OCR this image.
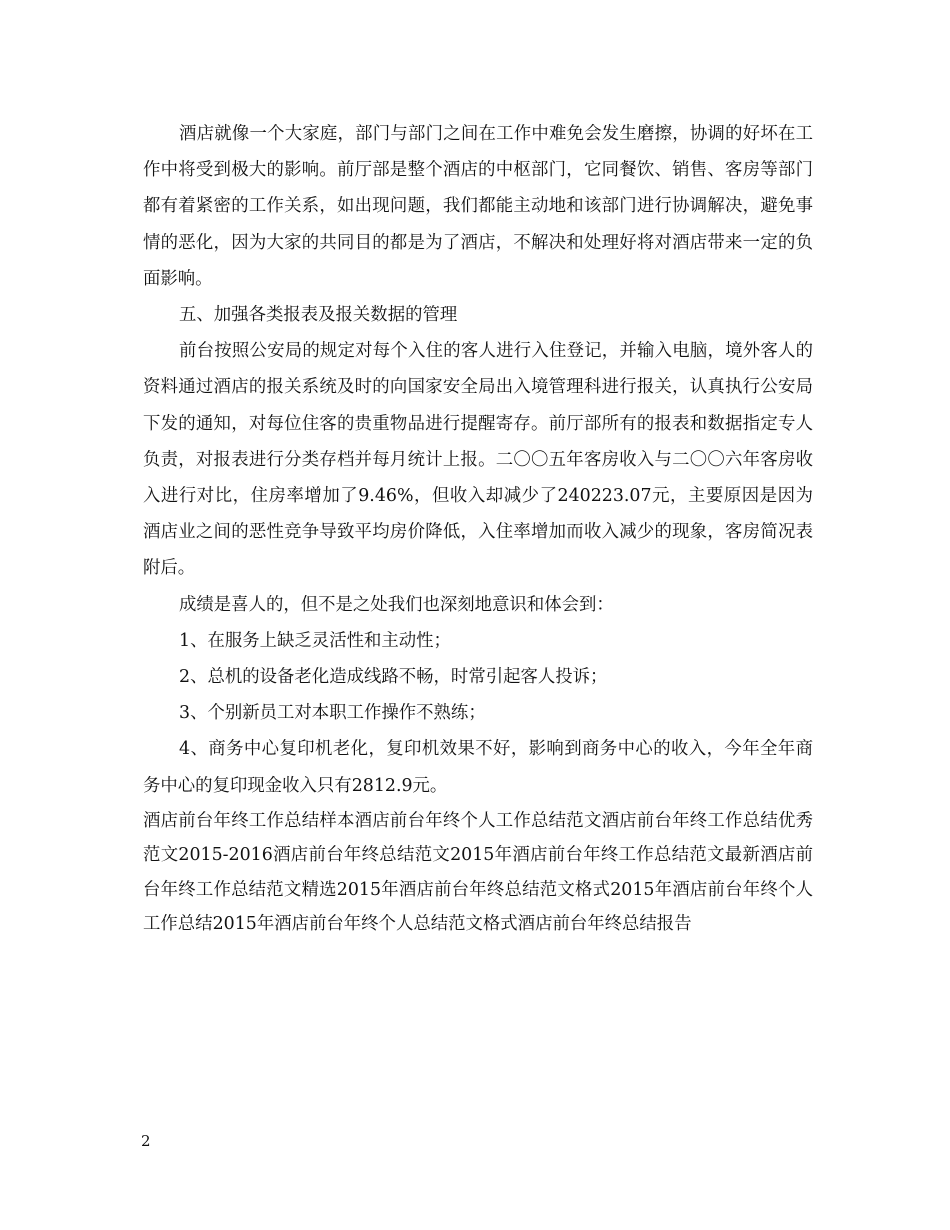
酒店就像一个大家庭，部门与部门之间在工作中难免会发生磨擦，协调的好坏在工作中将受到极大的影响。前厅部是整个酒店的中枢部门，它同餐饮、销售、客房等部门都有着紧密的工作关系，如出现问题，我们都能主动地和该部门进行协调解决，避免事情的恶化，因为大家的共同目的都是为了酒店，不解决和处理好将对酒店带来一定的负面影响。

五、加强各类报表及报关数据的管理

前台按照公安局的规定对每个入住的客人进行入住登记，并输入电脑，境外客人的资料通过酒店的报关系统及时的向国家安全局出入境管理科进行报关，认真执行公安局下发的通知，对每位住客的贵重物品进行提醒寄存。前厅部所有的报表和数据指定专人负责，对报表进行分类存档并每月统计上报。二〇〇五年客房收入与二〇〇六年客房收入进行对比，住房率增加了9.46%，但收入却减少了240223.07元，主要原因是因为酒店业之间的恶性竞争导致平均房价降低，入住率增加而收入减少的现象，客房简况表附后。

成绩是喜人的，但不是之处我们也深刻地意识和体会到：

1、在服务上缺乏灵活性和主动性；

2、总机的设备老化造成线路不畅，时常引起客人投诉；

3、个别新员工对本职工作操作不熟练；

4、商务中心复印机老化，复印机效果不好，影响到商务中心的收入，今年全年商务中心的复印现金收入只有2812.9元。

酒店前台年终工作总结样本酒店前台年终个人工作总结范文酒店前台年终工作总结优秀范文2015-2016酒店前台年终总结范文2015年酒店前台年终工作总结范文最新酒店前台年终工作总结范文精选2015年酒店前台年终总结范文格式2015年酒店前台年终个人工作总结2015年酒店前台年终个人总结范文格式酒店前台年终总结报告

2
